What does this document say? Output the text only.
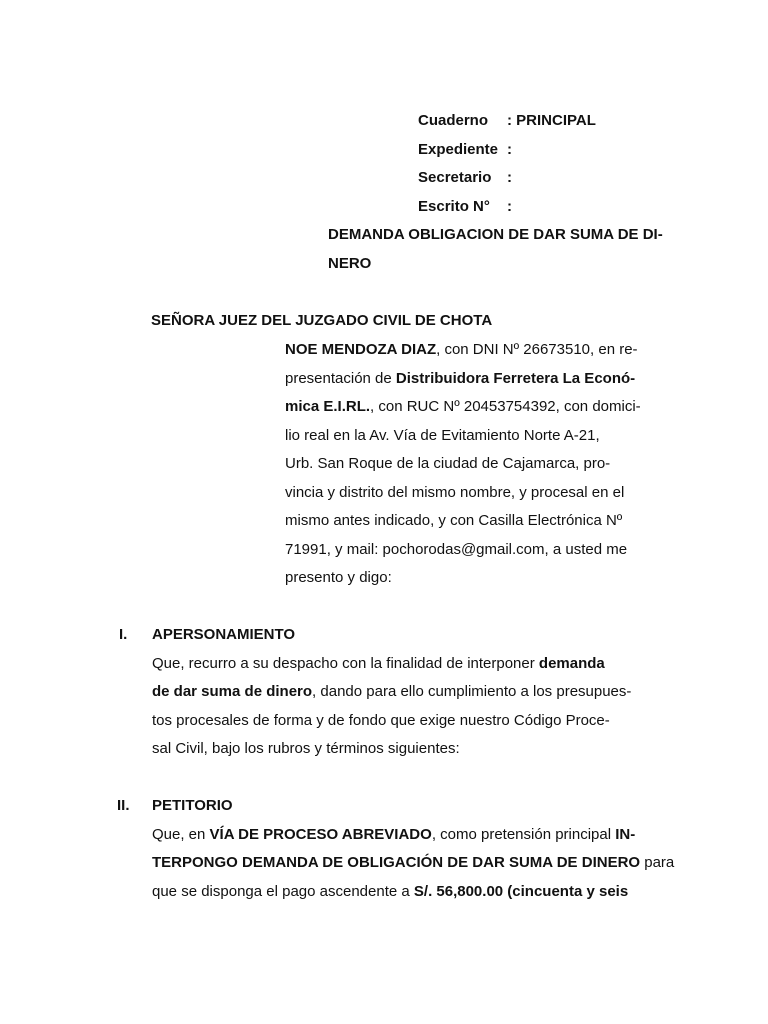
Cuaderno : PRINCIPAL
Expediente :
Secretario :
Escrito N° :
DEMANDA OBLIGACION DE DAR SUMA DE DI-
NERO
SEÑORA JUEZ DEL JUZGADO CIVIL DE CHOTA
NOE MENDOZA DIAZ, con DNI Nº 26673510, en re-
presentación de Distribuidora Ferretera La Econó-
mica E.I.RL., con RUC Nº 20453754392, con domici-
lio real en la Av. Vía de Evitamiento Norte A-21,
Urb. San Roque de la ciudad de Cajamarca, pro-
vincia y distrito del mismo nombre, y procesal en el
mismo antes indicado, y con Casilla Electrónica Nº
71991, y mail: pochorodas@gmail.com, a usted me
presento y digo:
I. APERSONAMIENTO
Que, recurro a su despacho con la finalidad de interponer demanda
de dar suma de dinero, dando para ello cumplimiento a los presupues-
tos procesales de forma y de fondo que exige nuestro Código Proce-
sal Civil, bajo los rubros y términos siguientes:
II. PETITORIO
Que, en VÍA DE PROCESO ABREVIADO, como pretensión principal IN-
TERPONGO DEMANDA DE OBLIGACIÓN DE DAR SUMA DE DINERO para
que se disponga el pago ascendente a S/. 56,800.00 (cincuenta y seis
